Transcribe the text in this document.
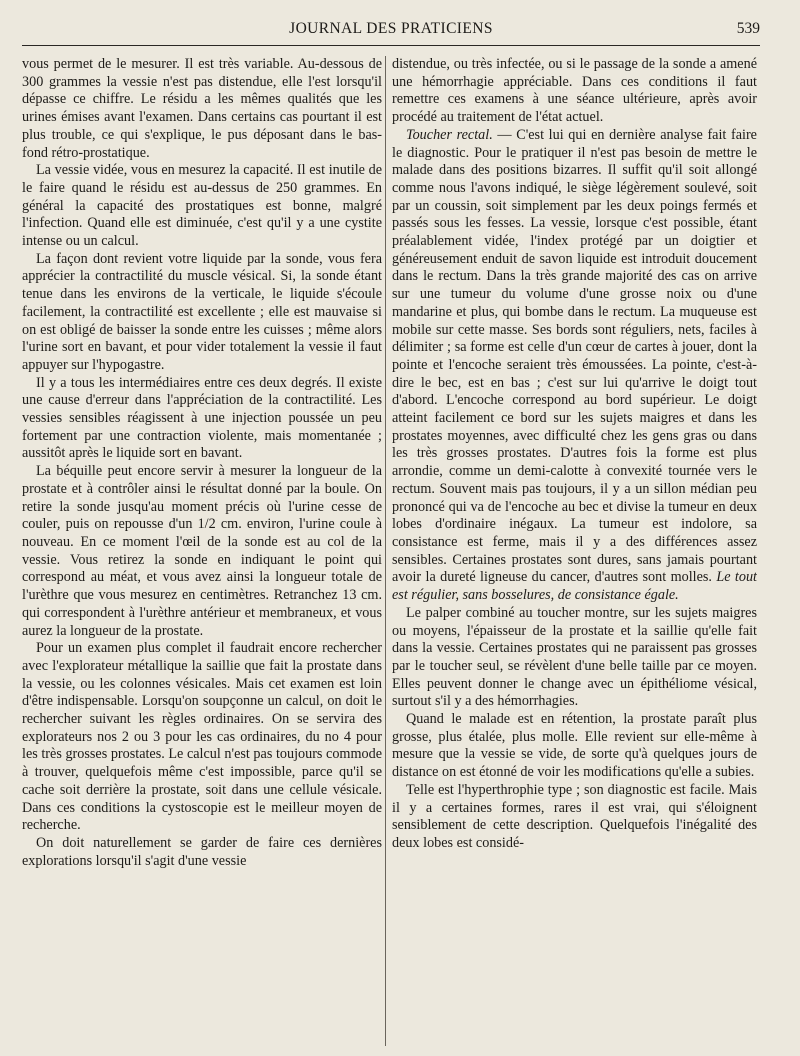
JOURNAL DES PRATICIENS	539

vous permet de le mesurer. Il est très variable. Au-dessous de 300 grammes la vessie n'est pas distendue, elle l'est lorsqu'il dépasse ce chiffre. Le résidu a les mêmes qualités que les urines émises avant l'examen. Dans certains cas pourtant il est plus trouble, ce qui s'explique, le pus déposant dans le bas-fond rétro-prostatique.

La vessie vidée, vous en mesurez la capacité. Il est inutile de le faire quand le résidu est au-dessus de 250 grammes. En général la capacité des prostatiques est bonne, malgré l'infection. Quand elle est diminuée, c'est qu'il y a une cystite intense ou un calcul.

La façon dont revient votre liquide par la sonde, vous fera apprécier la contractilité du muscle vésical. Si, la sonde étant tenue dans les environs de la verticale, le liquide s'écoule facilement, la contractilité est excellente ; elle est mauvaise si on est obligé de baisser la sonde entre les cuisses ; même alors l'urine sort en bavant, et pour vider totalement la vessie il faut appuyer sur l'hypogastre.

Il y a tous les intermédiaires entre ces deux degrés. Il existe une cause d'erreur dans l'appréciation de la contractilité. Les vessies sensibles réagissent à une injection poussée un peu fortement par une contraction violente, mais momentanée ; aussitôt après le liquide sort en bavant.

La béquille peut encore servir à mesurer la longueur de la prostate et à contrôler ainsi le résultat donné par la boule. On retire la sonde jusqu'au moment précis où l'urine cesse de couler, puis on repousse d'un 1/2 cm. environ, l'urine coule à nouveau. En ce moment l'œil de la sonde est au col de la vessie. Vous retirez la sonde en indiquant le point qui correspond au méat, et vous avez ainsi la longueur totale de l'urèthre que vous mesurez en centimètres. Retranchez 13 cm. qui correspondent à l'urèthre antérieur et membraneux, et vous aurez la longueur de la prostate.

Pour un examen plus complet il faudrait encore rechercher avec l'explorateur métallique la saillie que fait la prostate dans la vessie, ou les colonnes vésicales. Mais cet examen est loin d'être indispensable. Lorsqu'on soupçonne un calcul, on doit le rechercher suivant les règles ordinaires. On se servira des explorateurs nos 2 ou 3 pour les cas ordinaires, du no 4 pour les très grosses prostates. Le calcul n'est pas toujours commode à trouver, quelquefois même c'est impossible, parce qu'il se cache soit derrière la prostate, soit dans une cellule vésicale. Dans ces conditions la cystoscopie est le meilleur moyen de recherche.

On doit naturellement se garder de faire ces dernières explorations lorsqu'il s'agit d'une vessie

distendue, ou très infectée, ou si le passage de la sonde a amené une hémorrhagie appréciable. Dans ces conditions il faut remettre ces examens à une séance ultérieure, après avoir procédé au traitement de l'état actuel.

Toucher rectal. — C'est lui qui en dernière analyse fait faire le diagnostic. Pour le pratiquer il n'est pas besoin de mettre le malade dans des positions bizarres. Il suffit qu'il soit allongé comme nous l'avons indiqué, le siège légèrement soulevé, soit par un coussin, soit simplement par les deux poings fermés et passés sous les fesses. La vessie, lorsque c'est possible, étant préalablement vidée, l'index protégé par un doigtier et généreusement enduit de savon liquide est introduit doucement dans le rectum. Dans la très grande majorité des cas on arrive sur une tumeur du volume d'une grosse noix ou d'une mandarine et plus, qui bombe dans le rectum. La muqueuse est mobile sur cette masse. Ses bords sont réguliers, nets, faciles à délimiter ; sa forme est celle d'un cœur de cartes à jouer, dont la pointe et l'encoche seraient très émoussées. La pointe, c'est-à-dire le bec, est en bas ; c'est sur lui qu'arrive le doigt tout d'abord. L'encoche correspond au bord supérieur. Le doigt atteint facilement ce bord sur les sujets maigres et dans les prostates moyennes, avec difficulté chez les gens gras ou dans les très grosses prostates. D'autres fois la forme est plus arrondie, comme un demi-calotte à convexité tournée vers le rectum. Souvent mais pas toujours, il y a un sillon médian peu prononcé qui va de l'encoche au bec et divise la tumeur en deux lobes d'ordinaire inégaux. La tumeur est indolore, sa consistance est ferme, mais il y a des différences assez sensibles. Certaines prostates sont dures, sans jamais pourtant avoir la dureté ligneuse du cancer, d'autres sont molles. Le tout est régulier, sans bosselures, de consistance égale.

Le palper combiné au toucher montre, sur les sujets maigres ou moyens, l'épaisseur de la prostate et la saillie qu'elle fait dans la vessie. Certaines prostates qui ne paraissent pas grosses par le toucher seul, se révèlent d'une belle taille par ce moyen. Elles peuvent donner le change avec un épithéliome vésical, surtout s'il y a des hémorrhagies.

Quand le malade est en rétention, la prostate paraît plus grosse, plus étalée, plus molle. Elle revient sur elle-même à mesure que la vessie se vide, de sorte qu'à quelques jours de distance on est étonné de voir les modifications qu'elle a subies.

Telle est l'hyperthrophie type ; son diagnostic est facile. Mais il y a certaines formes, rares il est vrai, qui s'éloignent sensiblement de cette description. Quelquefois l'inégalité des deux lobes est considé-
